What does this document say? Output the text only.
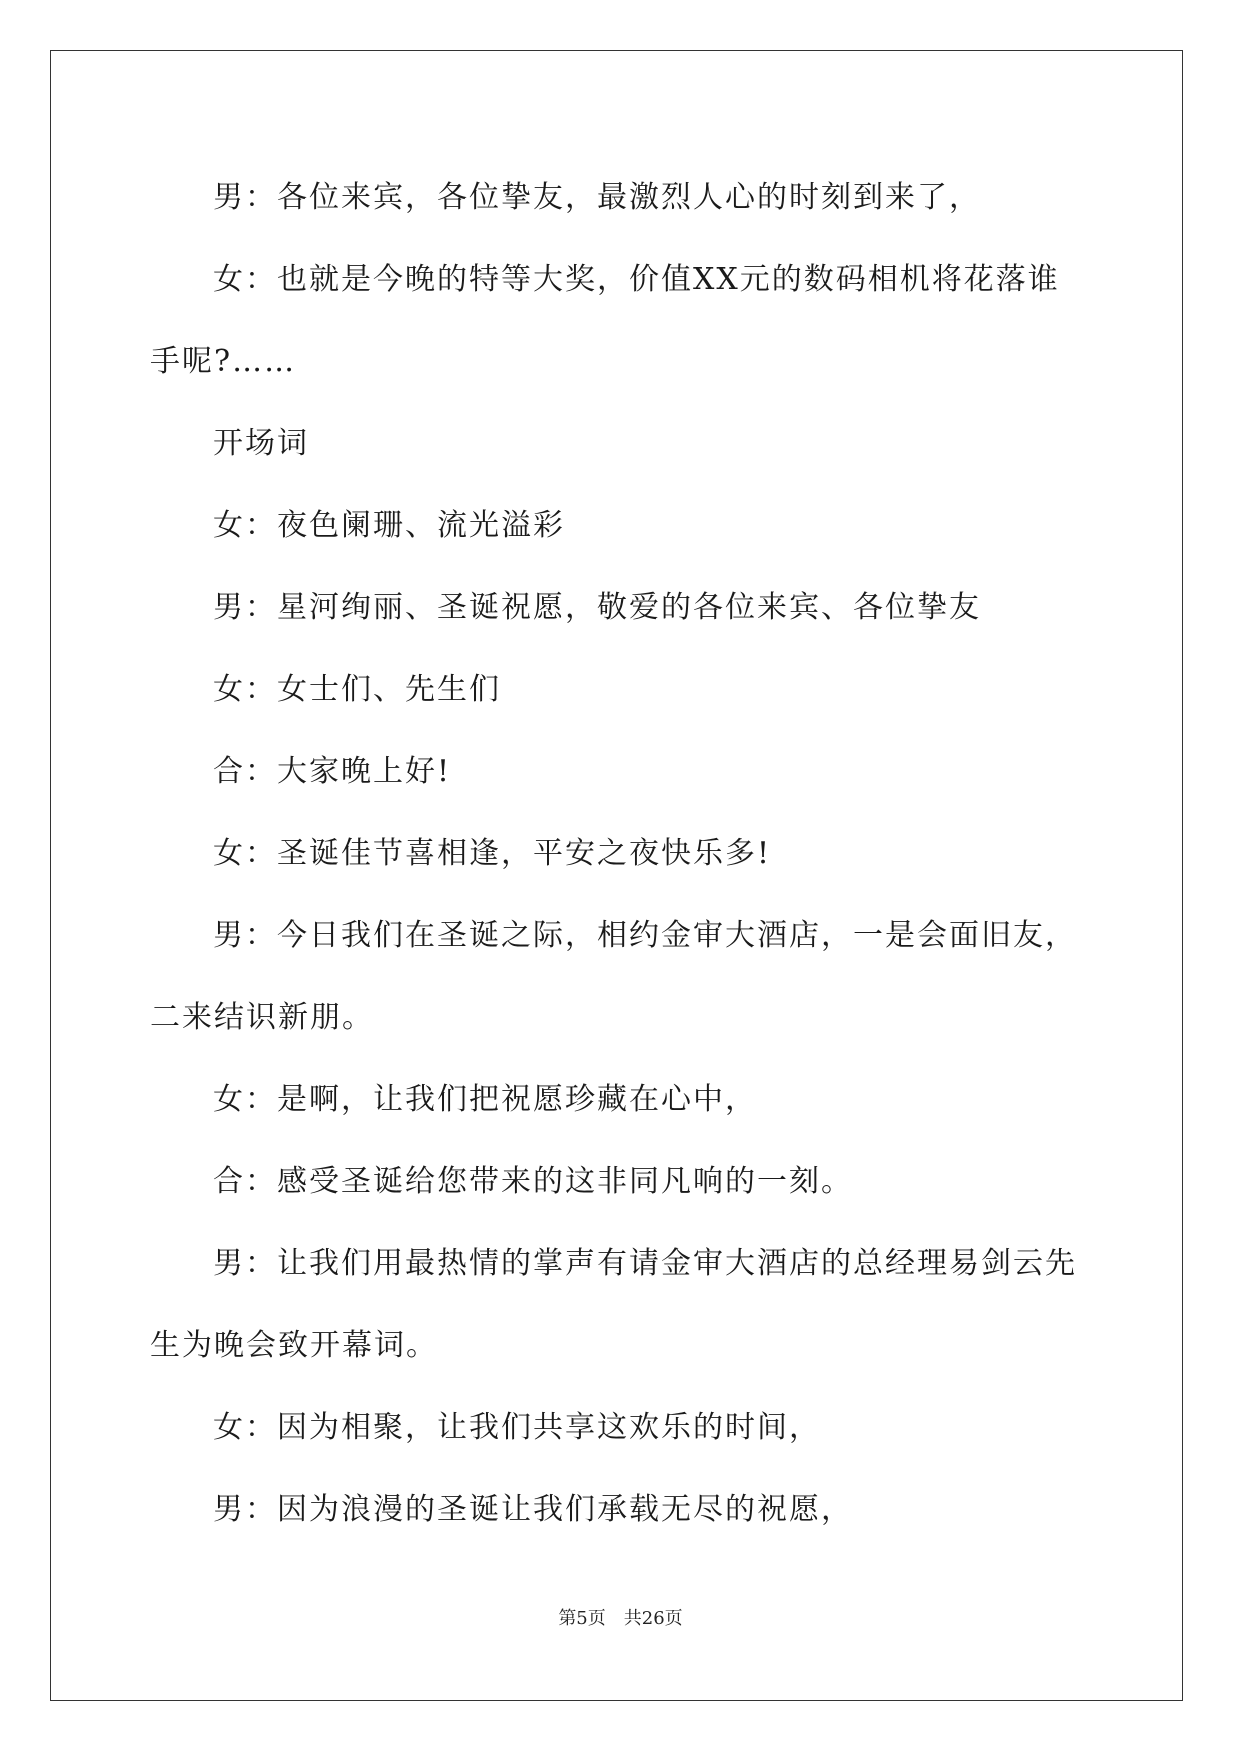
男：各位来宾，各位挚友，最激烈人心的时刻到来了，

女：也就是今晚的特等大奖，价值XX元的数码相机将花落谁手呢?……

开场词

女：夜色阑珊、流光溢彩

男：星河绚丽、圣诞祝愿，敬爱的各位来宾、各位挚友

女：女士们、先生们

合：大家晚上好!

女：圣诞佳节喜相逢，平安之夜快乐多!

男：今日我们在圣诞之际，相约金审大酒店，一是会面旧友，二来结识新朋。

女：是啊，让我们把祝愿珍藏在心中，

合：感受圣诞给您带来的这非同凡响的一刻。

男：让我们用最热情的掌声有请金审大酒店的总经理易剑云先生为晚会致开幕词。

女：因为相聚，让我们共享这欢乐的时间，

男：因为浪漫的圣诞让我们承载无尽的祝愿，

第5页 共26页
